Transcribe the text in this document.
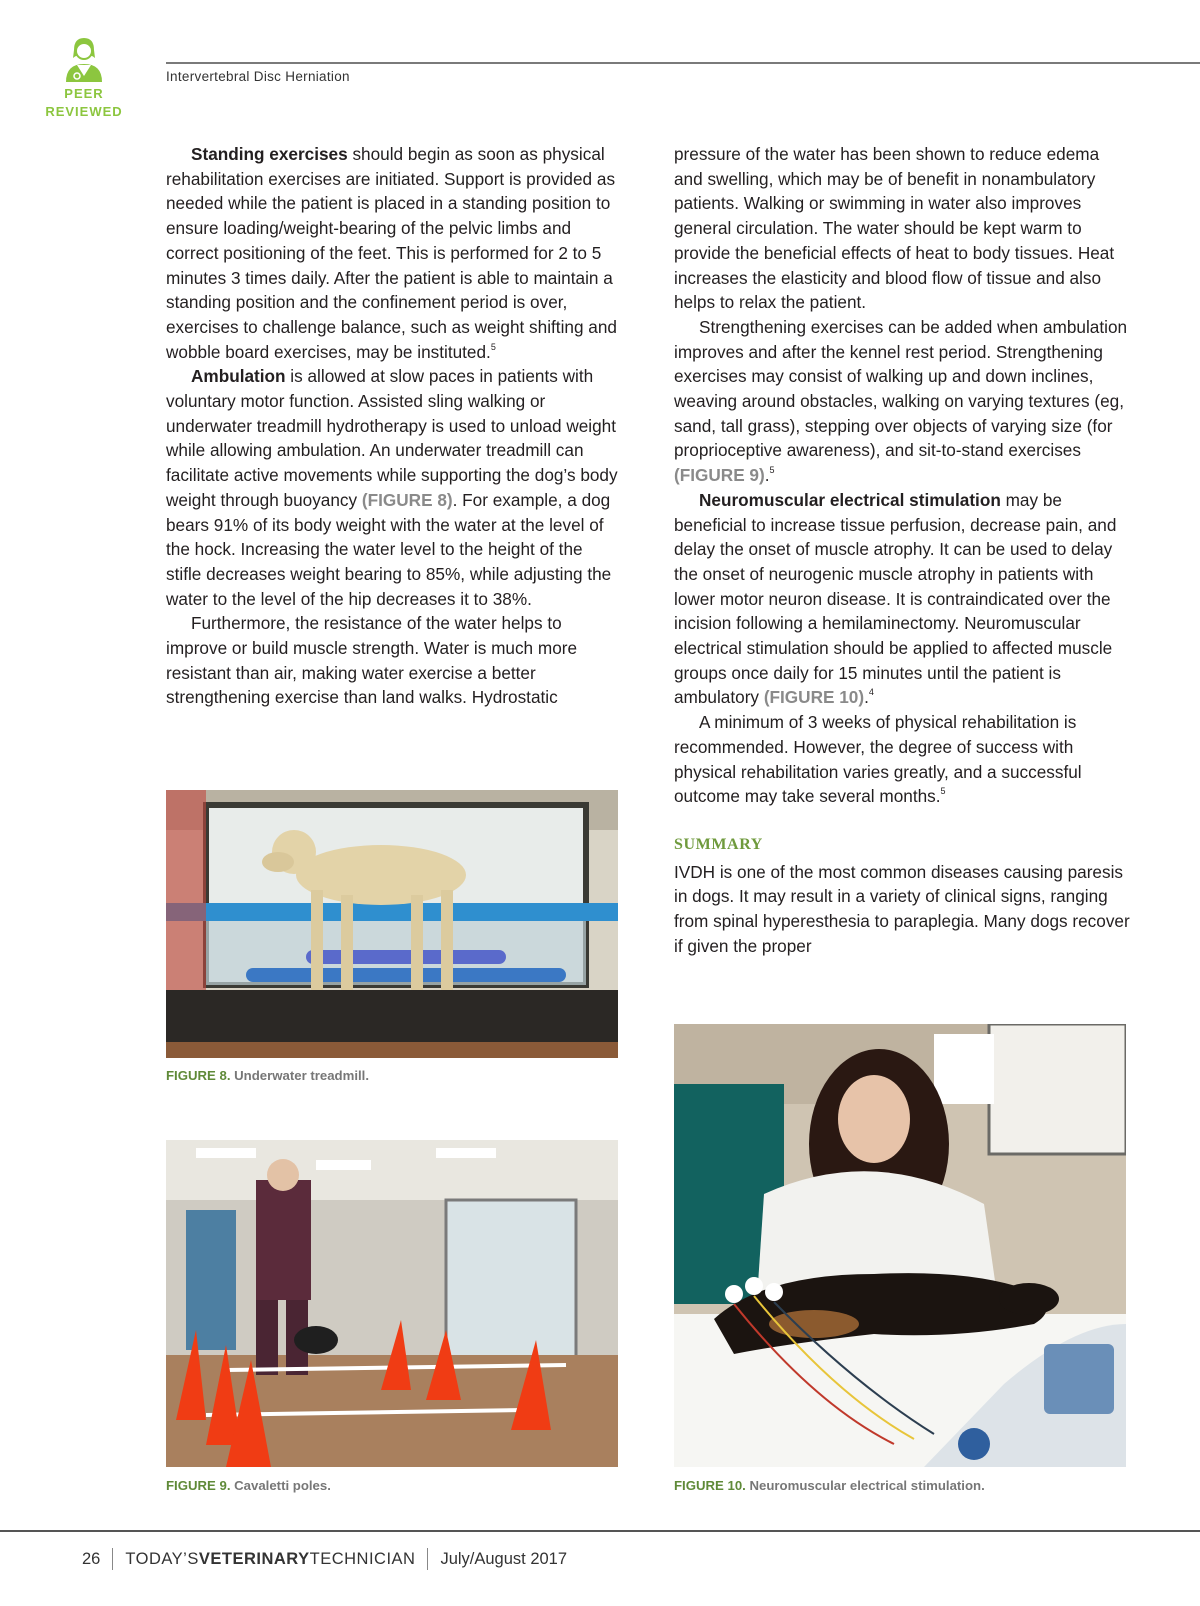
PEER
REVIEWED
Intervertebral Disc Herniation

Standing exercises should begin as soon as physical rehabilitation exercises are initiated. Support is provided as needed while the patient is placed in a standing position to ensure loading/weight-bearing of the pelvic limbs and correct positioning of the feet. This is performed for 2 to 5 minutes 3 times daily. After the patient is able to maintain a standing position and the confinement period is over, exercises to challenge balance, such as weight shifting and wobble board exercises, may be instituted.$^5$

Ambulation is allowed at slow paces in patients with voluntary motor function. Assisted sling walking or underwater treadmill hydrotherapy is used to unload weight while allowing ambulation. An underwater treadmill can facilitate active movements while supporting the dog’s body weight through buoyancy (FIGURE 8). For example, a dog bears 91% of its body weight with the water at the level of the hock. Increasing the water level to the height of the stifle decreases weight bearing to 85%, while adjusting the water to the level of the hip decreases it to 38%.

Furthermore, the resistance of the water helps to improve or build muscle strength. Water is much more resistant than air, making water exercise a better strengthening exercise than land walks. Hydrostatic

pressure of the water has been shown to reduce edema and swelling, which may be of benefit in nonambulatory patients. Walking or swimming in water also improves general circulation. The water should be kept warm to provide the beneficial effects of heat to body tissues. Heat increases the elasticity and blood flow of tissue and also helps to relax the patient.

Strengthening exercises can be added when ambulation improves and after the kennel rest period. Strengthening exercises may consist of walking up and down inclines, weaving around obstacles, walking on varying textures (eg, sand, tall grass), stepping over objects of varying size (for proprioceptive awareness), and sit-to-stand exercises (FIGURE 9).$^5$

Neuromuscular electrical stimulation may be beneficial to increase tissue perfusion, decrease pain, and delay the onset of muscle atrophy. It can be used to delay the onset of neurogenic muscle atrophy in patients with lower motor neuron disease. It is contraindicated over the incision following a hemilaminectomy. Neuromuscular electrical stimulation should be applied to affected muscle groups once daily for 15 minutes until the patient is ambulatory (FIGURE 10).$^4$

A minimum of 3 weeks of physical rehabilitation is recommended. However, the degree of success with physical rehabilitation varies greatly, and a successful outcome may take several months.$^5$

SUMMARY

IVDH is one of the most common diseases causing paresis in dogs. It may result in a variety of clinical signs, ranging from spinal hyperesthesia to paraplegia. Many dogs recover if given the proper

FIGURE 8. Underwater treadmill.
FIGURE 9. Cavaletti poles.	FIGURE 10. Neuromuscular electrical stimulation.
26 TODAY’SVETERINARYTECHNICIAN July/August 2017
